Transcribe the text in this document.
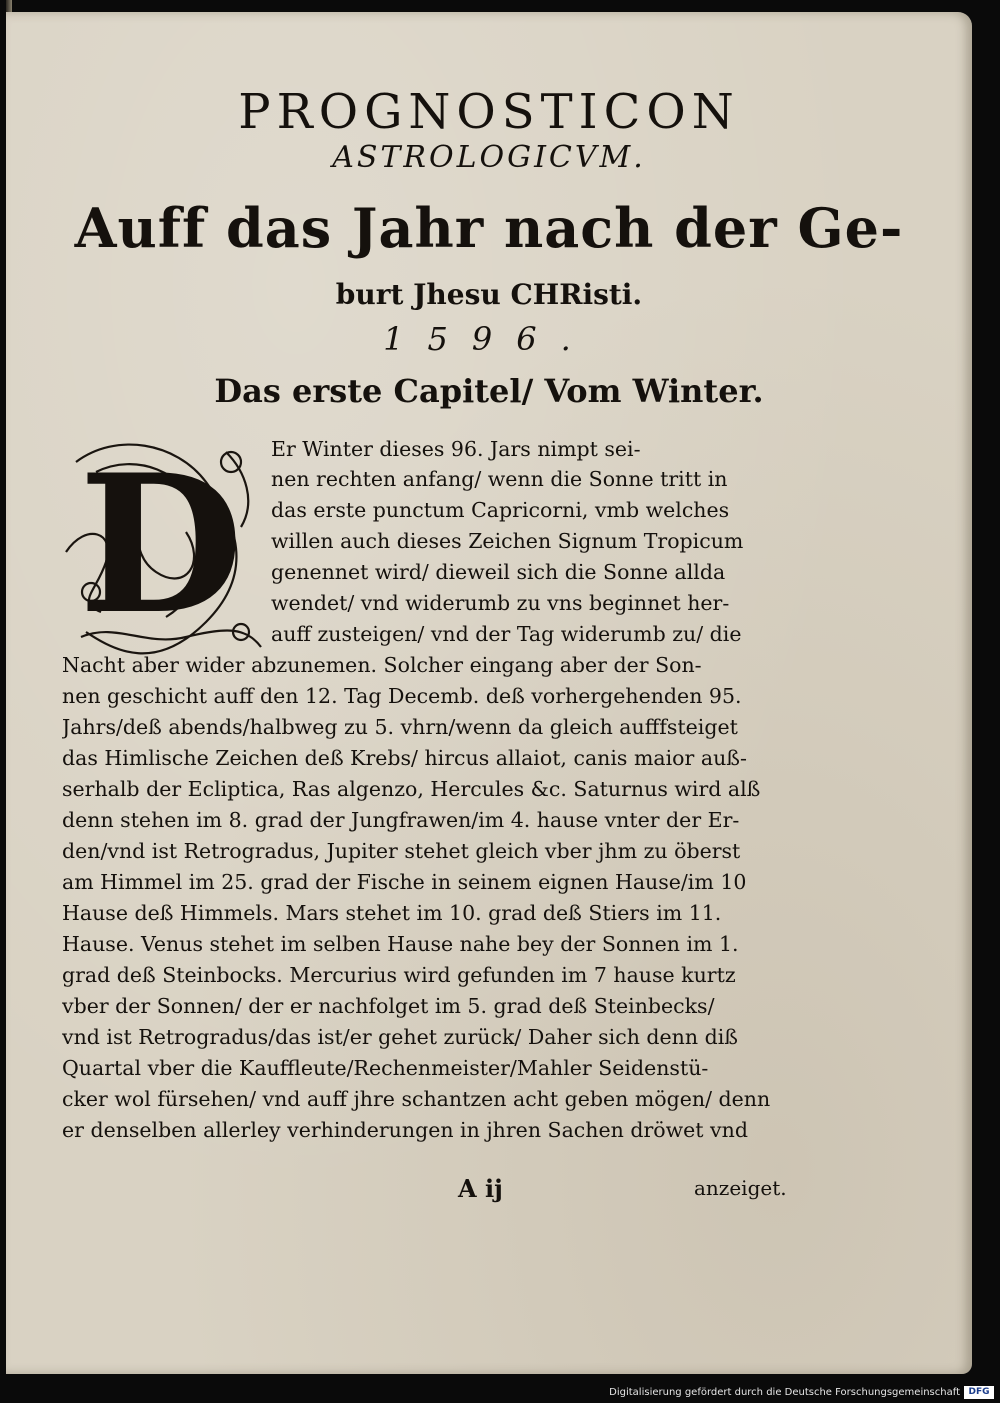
PROGNOSTICON
ASTROLOGICVM.
Auff das Jahr nach der Ge-
burt Jhesu CHRisti.
1596.
Das erste Capitel/ Vom Winter.
D	Er Winter dieses 96. Jars nimpt sei-
nen rechten anfang/ wenn die Sonne tritt in
das erste punctum Capricorni, vmb welches
willen auch dieses Zeichen Signum Tropicum
genennet wird/ dieweil sich die Sonne allda
wendet/ vnd widerumb zu vns beginnet her-
auff zusteigen/ vnd der Tag widerumb zu/ die
Nacht aber wider abzunemen. Solcher eingang aber der Son-
nen geschicht auff den 12. Tag Decemb. deß vorhergehenden 95.
Jahrs/deß abends/halbweg zu 5. vhrn/wenn da gleich aufffsteiget
das Himlische Zeichen deß Krebs/ hircus allaiot, canis maior auß-
serhalb der Ecliptica, Ras algenzo, Hercules &c. Saturnus wird alß
denn stehen im 8. grad der Jungfrawen/im 4. hause vnter der Er-
den/vnd ist Retrogradus, Jupiter stehet gleich vber jhm zu öberst
am Himmel im 25. grad der Fische in seinem eignen Hause/im 10
Hause deß Himmels. Mars stehet im 10. grad deß Stiers im 11.
Hause. Venus stehet im selben Hause nahe bey der Sonnen im 1.
grad deß Steinbocks. Mercurius wird gefunden im 7 hause kurtz
vber der Sonnen/ der er nachfolget im 5. grad deß Steinbecks/
vnd ist Retrogradus/das ist/er gehet zurück/ Daher sich denn diß
Quartal vber die Kauffleute/Rechenmeister/Mahler Seidenstü-
cker wol fürsehen/ vnd auff jhre schantzen acht geben mögen/ denn
er denselben allerley verhinderungen in jhren Sachen dröwet vnd
A ij	anzeiget.
Digitalisierung gefördert durch die Deutsche Forschungsgemeinschaft DFG
